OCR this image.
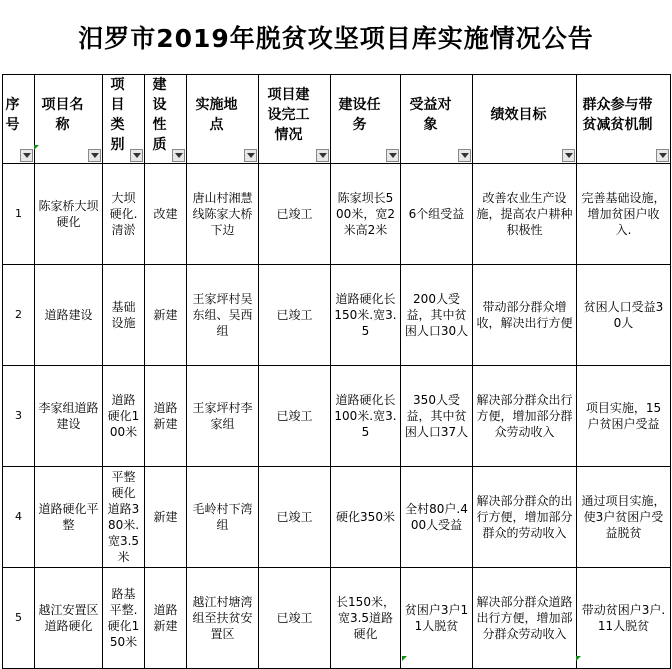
汨罗市2019年脱贫攻坚项目库实施情况公告
序号	项目名称	项目类别	建设性质	实施地点	项目建设完工情况	建设任务	受益对象	绩效目标	群众参与带贫减贫机制

1	陈家桥大坝硬化	大坝硬化.清淤	改建	唐山村湘慧线陈家大桥下边	已竣工	陈家坝长500米，宽2米高2米	6个组受益	改善农业生产设施，提高农户耕种积极性	完善基础设施，增加贫困户收入.

2	道路建设	基础设施	新建	王家坪村吴东组、吴西组	已竣工	道路硬化长150米.宽3.5	200人受益，其中贫困人口30人	带动部分群众增收，解决出行方便	贫困人口受益30人

3	李家组道路建设	道路硬化100米	道路新建	王家坪村李家组	已竣工	道路硬化长100米.宽3.5	350人受益，其中贫困人口37人	解决部分群众出行方便，增加部分群众劳动收入	项目实施，15户贫困户受益

4	道路硬化平整	平整硬化道路380米.宽3.5米	新建	毛岭村下湾组	已竣工	硬化350米	全村80户.400人受益	解决部分群众的出行方便，增加部分群众的劳动收入	通过项目实施，使3户贫困户受益脱贫

5	越江安置区道路硬化	路基平整.硬化150米	道路新建	越江村塘湾组至扶贫安置区	已竣工	长150米，宽3.5道路硬化	贫困户3户11人脱贫	解决部分群众道路出行方便，增加部分群众劳动收入	带动贫困户3户.11人脱贫
